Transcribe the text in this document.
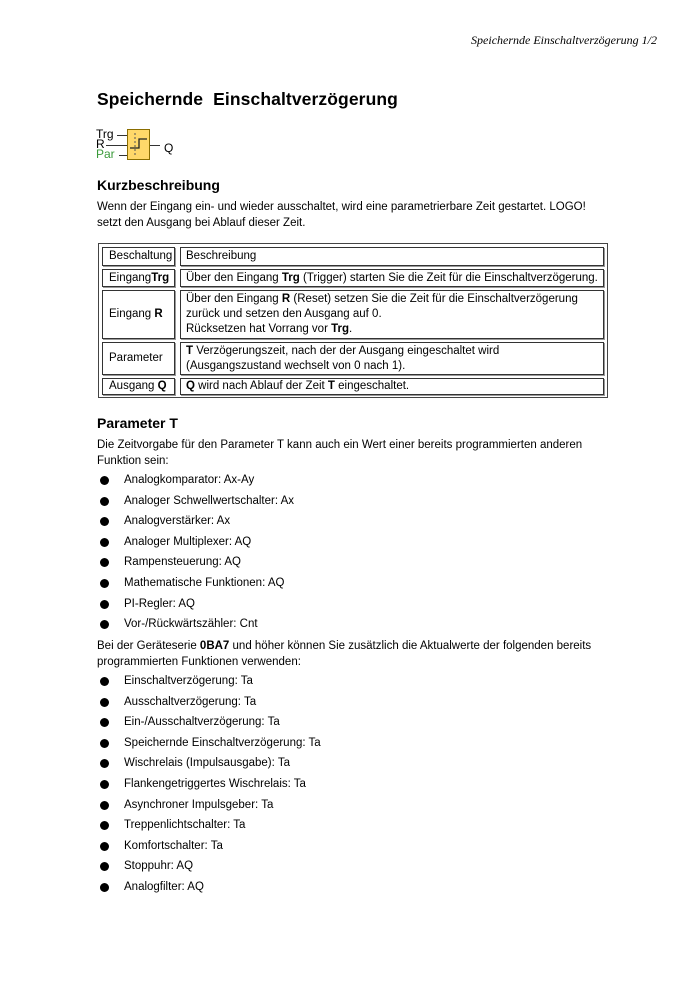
Speichernde Einschaltverzögerung 1/2
Speichernde Einschaltverzögerung
Trg
R
Par	Q
Kurzbeschreibung

Wenn der Eingang ein- und wieder ausschaltet, wird eine parametrierbare Zeit gestartet. LOGO!
setzt den Ausgang bei Ablauf dieser Zeit.

Beschaltung Beschreibung
Eingang Trg Über den Eingang Trg (Trigger) starten Sie die Zeit für die Einschaltverzögerung.
Eingang
R
Über den Eingang R (Reset) setzen Sie die Zeit für die Einschaltverzögerung
zurück und setzen den Ausgang auf 0.
Rücksetzen hat Vorrang vor Trg.
Parameter
T Verzögerungszeit, nach der der Ausgang eingeschaltet wird
(Ausgangszustand wechselt von 0 nach 1).
Ausgang
Q Q wird nach Ablauf der Zeit T eingeschaltet.
Parameter T

Die Zeitvorgabe für den Parameter T kann auch ein Wert einer bereits programmierten anderen
Funktion sein:

Analogkomparator: Ax-Ay
Analoger Schwellwertschalter: Ax
Analogverstärker: Ax
Analoger Multiplexer: AQ
Rampensteuerung: AQ
Mathematische Funktionen: AQ
PI-Regler: AQ
Vor-/Rückwärtszähler: Cnt

Bei der Geräteserie 0BA7 und höher können Sie zusätzlich die Aktualwerte der folgenden bereits
programmierten Funktionen verwenden:

Einschaltverzögerung: Ta
Ausschaltverzögerung: Ta
Ein-/Ausschaltverzögerung: Ta
Speichernde Einschaltverzögerung: Ta
Wischrelais (Impulsausgabe): Ta
Flankengetriggertes Wischrelais: Ta
Asynchroner Impulsgeber: Ta
Treppenlichtschalter: Ta
Komfortschalter: Ta
Stoppuhr: AQ
Analogfilter: AQ
